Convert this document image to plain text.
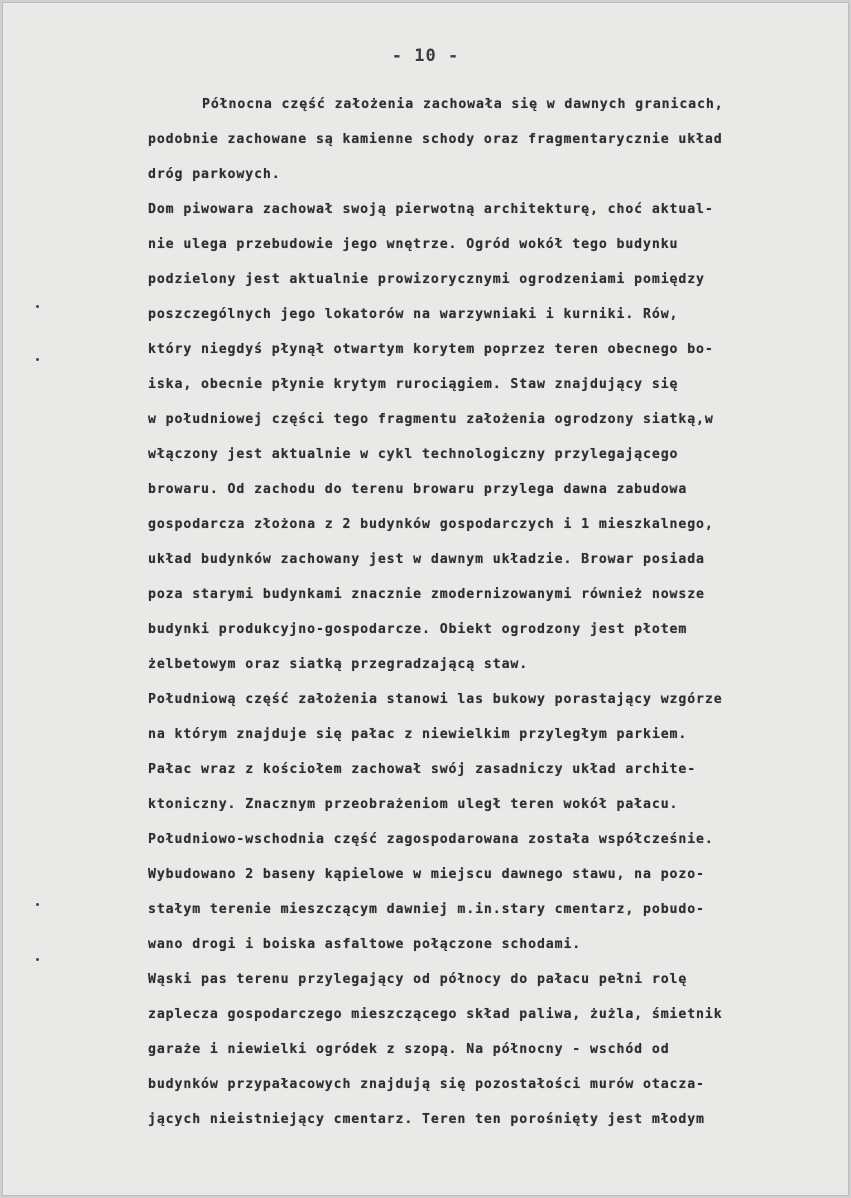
- 10 -
Północna część założenia zachowała się w dawnych granicach,
podobnie zachowane są kamienne schody oraz fragmentarycznie układ
dróg parkowych.
Dom piwowara zachował swoją pierwotną architekturę, choć aktual-
nie ulega przebudowie jego wnętrze. Ogród wokół tego budynku
podzielony jest aktualnie prowizorycznymi ogrodzeniami pomiędzy
poszczególnych jego lokatorów na warzywniaki i kurniki. Rów,
który niegdyś płynął otwartym korytem poprzez teren obecnego bo-
iska, obecnie płynie krytym rurociągiem. Staw znajdujący się
w południowej części tego fragmentu założenia ogrodzony siatką,w
włączony jest aktualnie w cykl technologiczny przylegającego
browaru. Od zachodu do terenu browaru przylega dawna zabudowa
gospodarcza złożona z 2 budynków gospodarczych i 1 mieszkalnego,
układ budynków zachowany jest w dawnym układzie. Browar posiada
poza starymi budynkami znacznie zmodernizowanymi również nowsze
budynki produkcyjno-gospodarcze. Obiekt ogrodzony jest płotem
żelbetowym oraz siatką przegradzającą staw.
Południową część założenia stanowi las bukowy porastający wzgórze
na którym znajduje się pałac z niewielkim przyległym parkiem.
Pałac wraz z kościołem zachował swój zasadniczy układ archite-
ktoniczny. Znacznym przeobrażeniom uległ teren wokół pałacu.
Południowo-wschodnia część zagospodarowana została współcześnie.
Wybudowano 2 baseny kąpielowe w miejscu dawnego stawu, na pozo-
stałym terenie mieszczącym dawniej m.in.stary cmentarz, pobudo-
wano drogi i boiska asfaltowe połączone schodami.
Wąski pas terenu przylegający od północy do pałacu pełni rolę
zaplecza gospodarczego mieszczącego skład paliwa, żużla, śmietnik
garaże i niewielki ogródek z szopą. Na północny - wschód od
budynków przypałacowych znajdują się pozostałości murów otacza-
jących nieistniejący cmentarz. Teren ten porośnięty jest młodym
